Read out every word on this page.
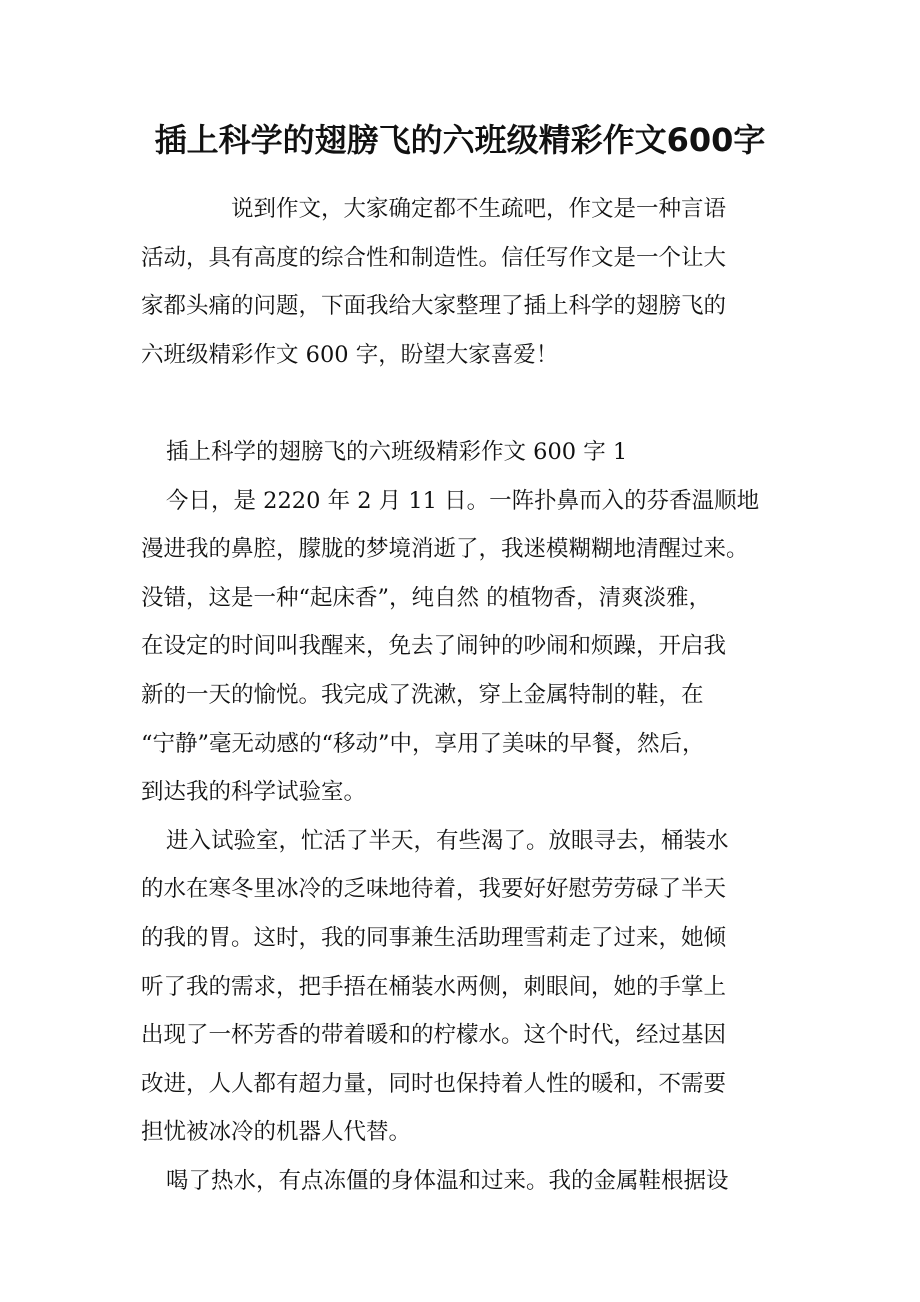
插上科学的翅膀飞的六班级精彩作文600字
说到作文，大家确定都不生疏吧，作文是一种言语
活动，具有高度的综合性和制造性。信任写作文是一个让大
家都头痛的问题，下面我给大家整理了插上科学的翅膀飞的
六班级精彩作文 600 字，盼望大家喜爱！
插上科学的翅膀飞的六班级精彩作文 600 字 1
今日，是 2220 年 2 月 11 日。一阵扑鼻而入的芬香温顺地
漫进我的鼻腔，朦胧的梦境消逝了，我迷模糊糊地清醒过来。
没错，这是一种“起床香”，纯自然 的植物香，清爽淡雅，
在设定的时间叫我醒来，免去了闹钟的吵闹和烦躁，开启我
新的一天的愉悦。我完成了洗漱，穿上金属特制的鞋，在
“宁静”毫无动感的“移动”中，享用了美味的早餐，然后，
到达我的科学试验室。
进入试验室，忙活了半天，有些渴了。放眼寻去，桶装水
的水在寒冬里冰冷的乏味地待着，我要好好慰劳劳碌了半天
的我的胃。这时，我的同事兼生活助理雪莉走了过来，她倾
听了我的需求，把手捂在桶装水两侧，刺眼间，她的手掌上
出现了一杯芳香的带着暖和的柠檬水。这个时代，经过基因
改进，人人都有超力量，同时也保持着人性的暖和，不需要
担忧被冰冷的机器人代替。
喝了热水，有点冻僵的身体温和过来。我的金属鞋根据设
